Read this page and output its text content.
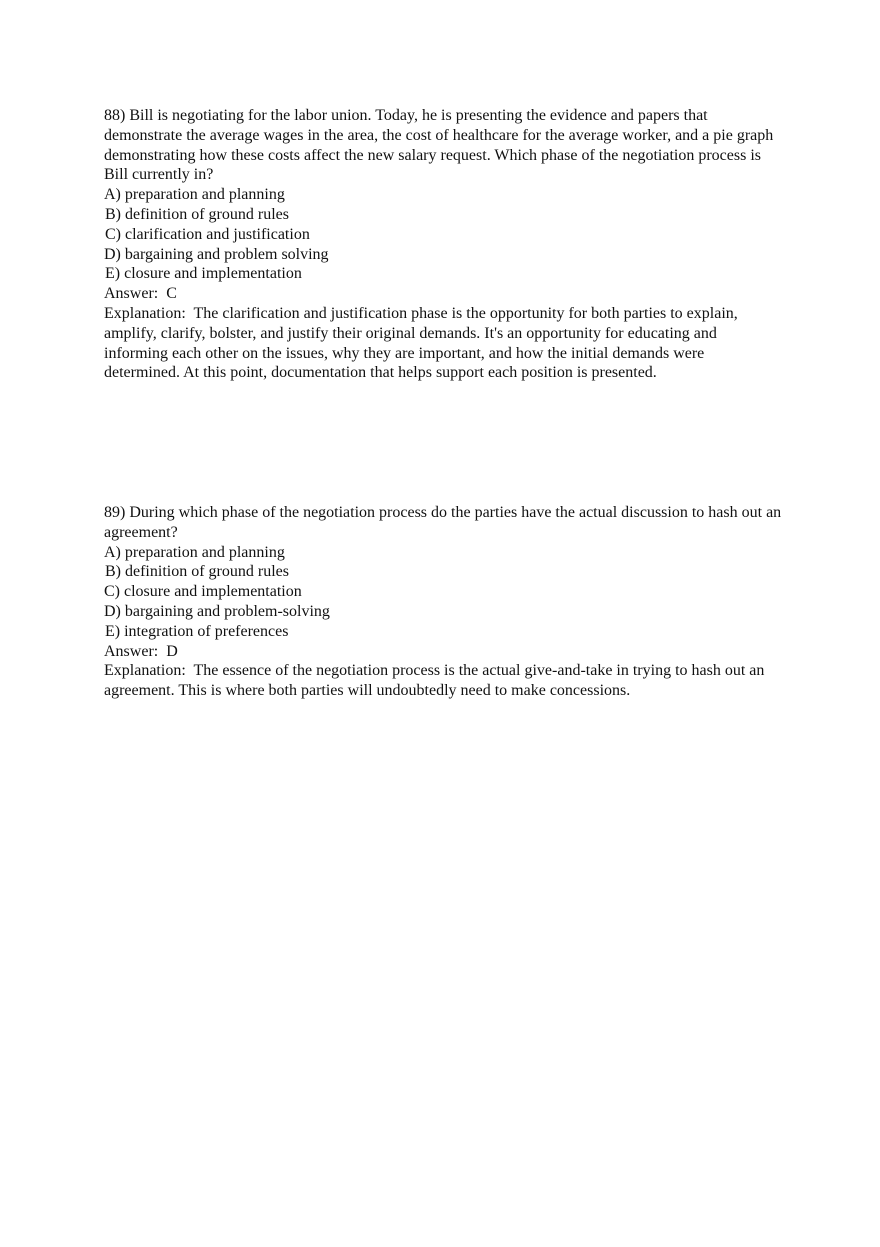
88) Bill is negotiating for the labor union. Today, he is presenting the evidence and papers that demonstrate the average wages in the area, the cost of healthcare for the average worker, and a pie graph demonstrating how these costs affect the new salary request. Which phase of the negotiation process is Bill currently in?
A) preparation and planning
B) definition of ground rules
C) clarification and justification
D) bargaining and problem solving
E) closure and implementation
Answer:  C
Explanation:  The clarification and justification phase is the opportunity for both parties to explain, amplify, clarify, bolster, and justify their original demands. It's an opportunity for educating and informing each other on the issues, why they are important, and how the initial demands were determined. At this point, documentation that helps support each position is presented.
89) During which phase of the negotiation process do the parties have the actual discussion to hash out an agreement?
A) preparation and planning
B) definition of ground rules
C) closure and implementation
D) bargaining and problem-solving
E) integration of preferences
Answer:  D
Explanation:  The essence of the negotiation process is the actual give-and-take in trying to hash out an agreement. This is where both parties will undoubtedly need to make concessions.
